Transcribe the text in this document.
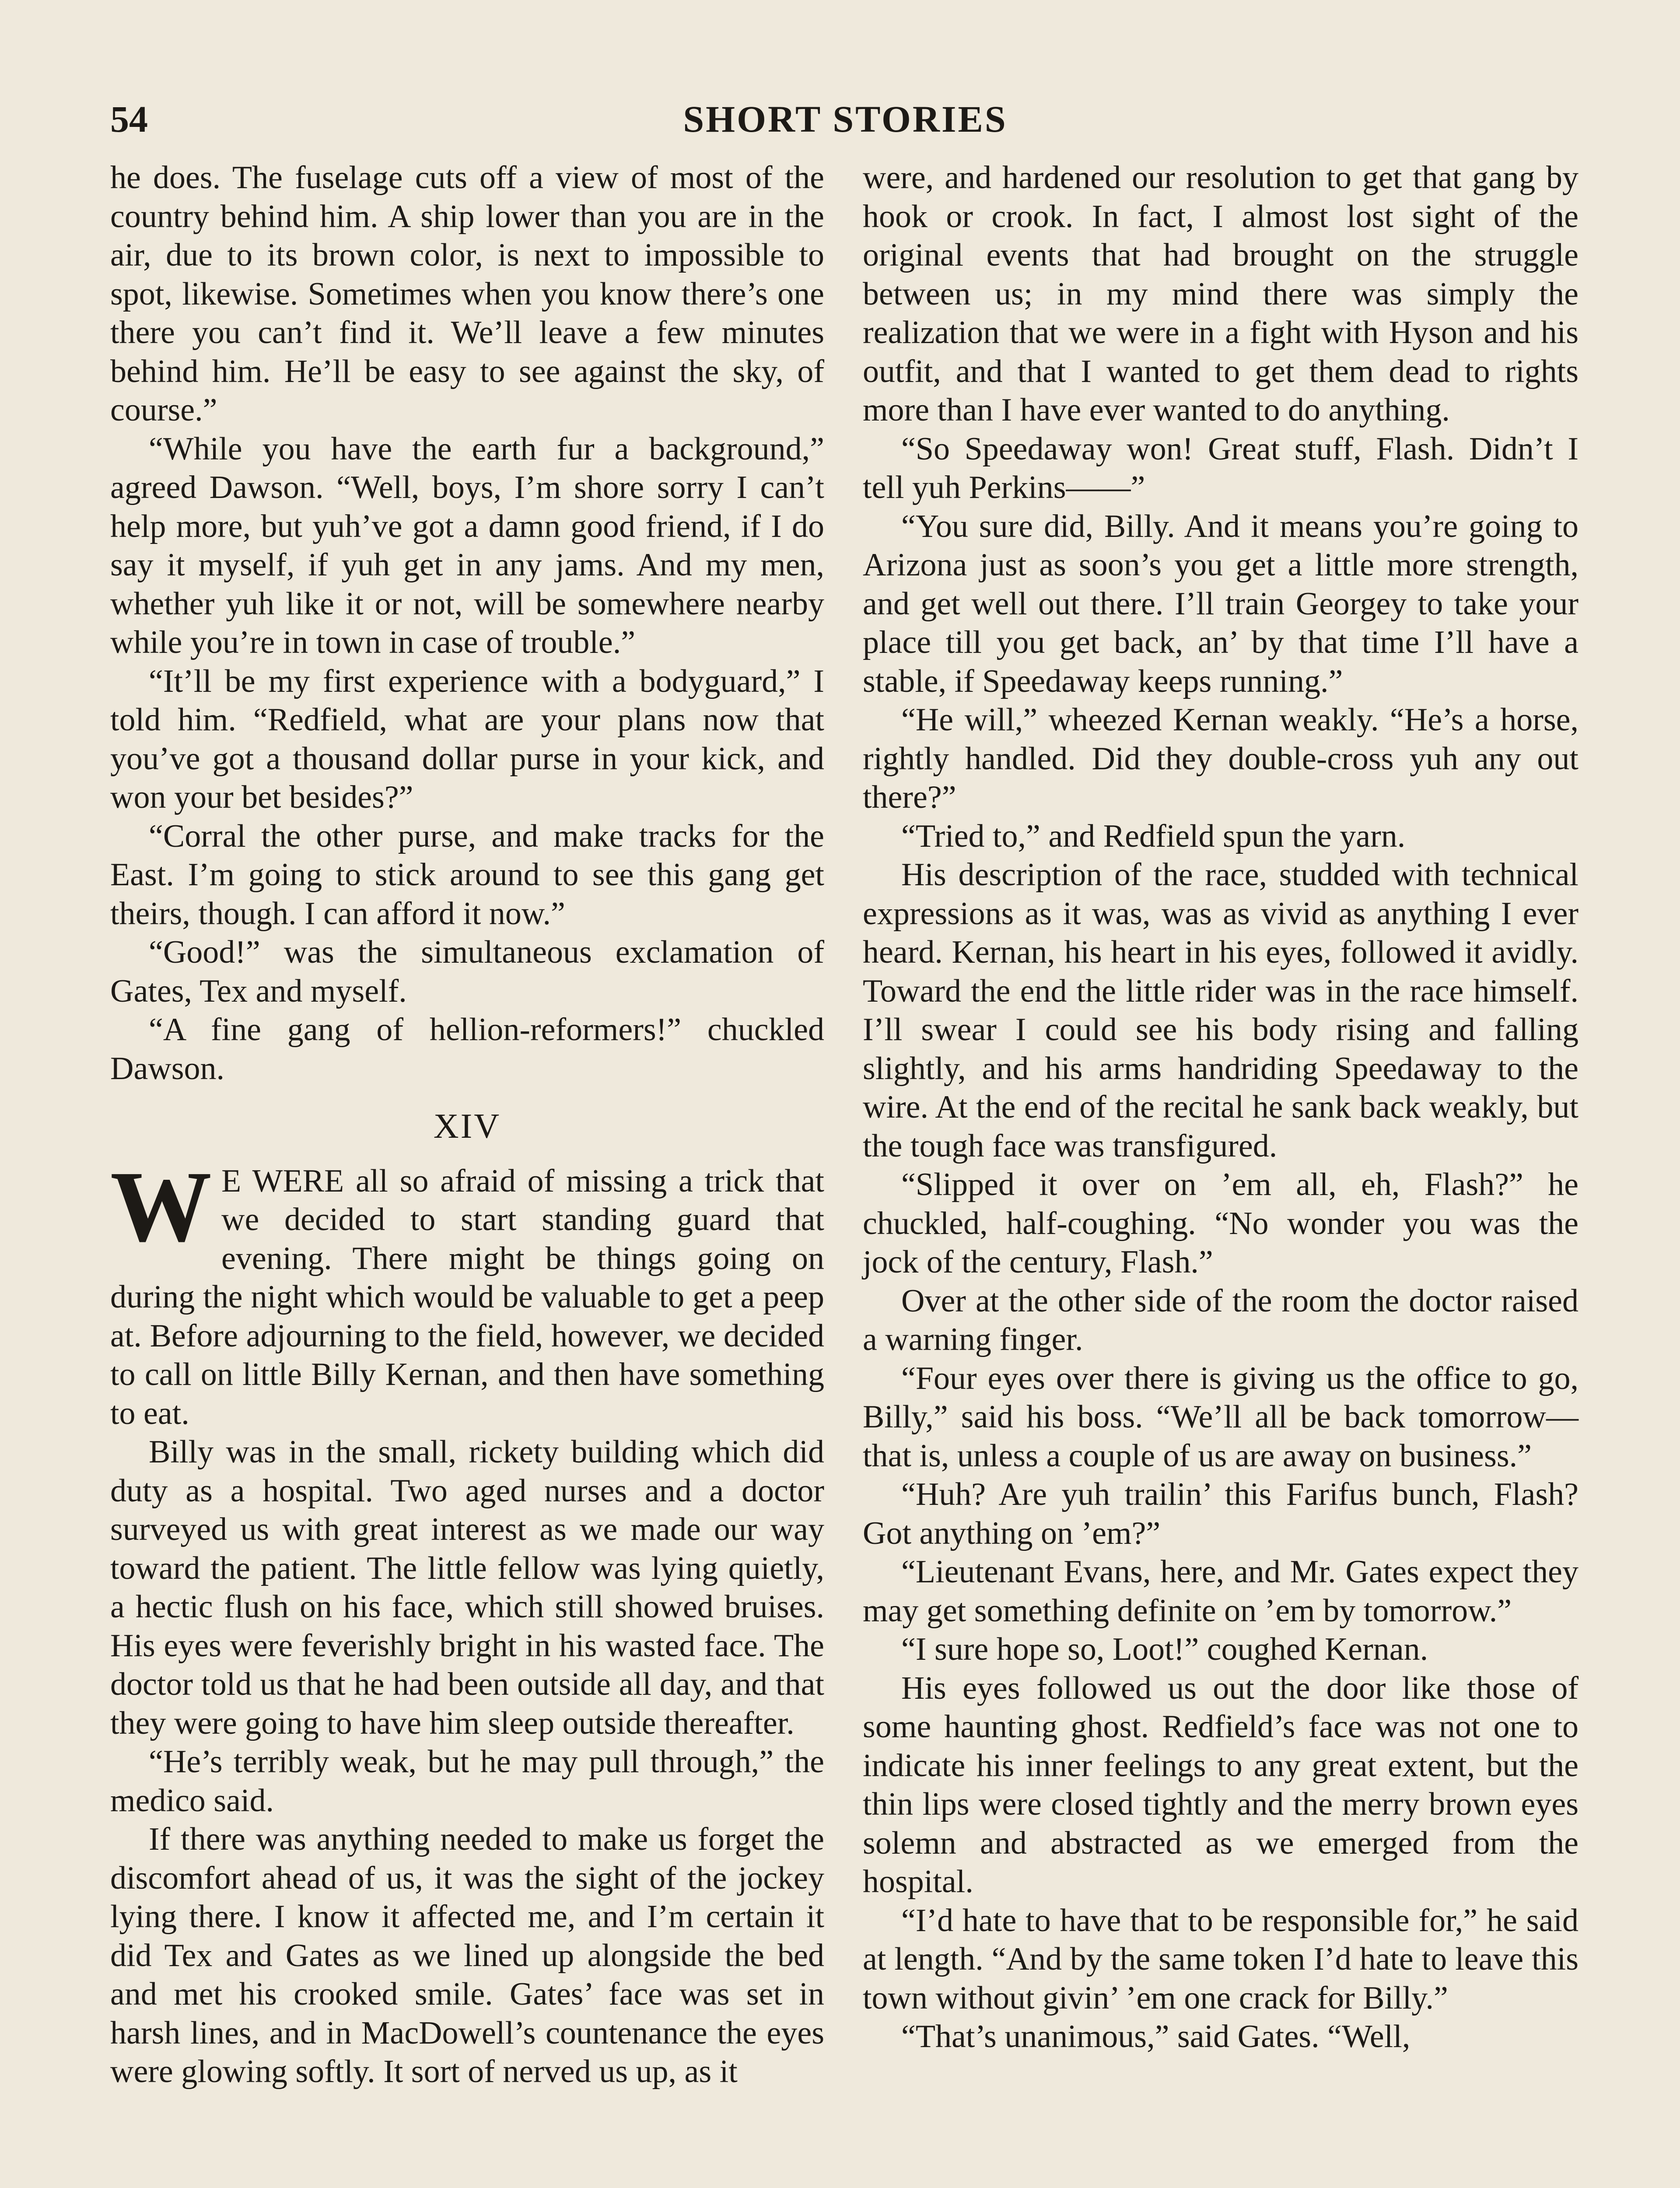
54	SHORT STORIES

he does. The fuselage cuts off a view of most of the country behind him. A ship lower than you are in the air, due to its brown color, is next to impossible to spot, likewise. Sometimes when you know there’s one there you can’t find it. We’ll leave a few minutes behind him. He’ll be easy to see against the sky, of course.”

“While you have the earth fur a background,” agreed Dawson. “Well, boys, I’m shore sorry I can’t help more, but yuh’ve got a damn good friend, if I do say it myself, if yuh get in any jams. And my men, whether yuh like it or not, will be somewhere nearby while you’re in town in case of trouble.”

“It’ll be my first experience with a bodyguard,” I told him. “Redfield, what are your plans now that you’ve got a thousand dollar purse in your kick, and won your bet besides?”

“Corral the other purse, and make tracks for the East. I’m going to stick around to see this gang get theirs, though. I can afford it now.”

“Good!” was the simultaneous exclamation of Gates, Tex and myself.

“A fine gang of hellion-reformers!” chuckled Dawson.

XIV

W E WERE all so afraid of missing a trick that we decided to start standing guard that evening. There might be things going on during the night which would be valuable to get a peep at. Before adjourning to the field, however, we decided to call on little Billy Kernan, and then have something to eat.

Billy was in the small, rickety building which did duty as a hospital. Two aged nurses and a doctor surveyed us with great interest as we made our way toward the patient. The little fellow was lying quietly, a hectic flush on his face, which still showed bruises. His eyes were feverishly bright in his wasted face. The doctor told us that he had been outside all day, and that they were going to have him sleep outside thereafter.

“He’s terribly weak, but he may pull through,” the medico said.

If there was anything needed to make us forget the discomfort ahead of us, it was the sight of the jockey lying there. I know it affected me, and I’m certain it did Tex and Gates as we lined up alongside the bed and met his crooked smile. Gates’ face was set in harsh lines, and in MacDowell’s countenance the eyes were glowing softly. It sort of nerved us up, as it

were, and hardened our resolution to get that gang by hook or crook. In fact, I almost lost sight of the original events that had brought on the struggle between us; in my mind there was simply the realization that we were in a fight with Hyson and his outfit, and that I wanted to get them dead to rights more than I have ever wanted to do anything.

“So Speedaway won! Great stuff, Flash. Didn’t I tell yuh Perkins——”

“You sure did, Billy. And it means you’re going to Arizona just as soon’s you get a little more strength, and get well out there. I’ll train Georgey to take your place till you get back, an’ by that time I’ll have a stable, if Speedaway keeps running.”

“He will,” wheezed Kernan weakly. “He’s a horse, rightly handled. Did they double-cross yuh any out there?”

“Tried to,” and Redfield spun the yarn.

His description of the race, studded with technical expressions as it was, was as vivid as anything I ever heard. Kernan, his heart in his eyes, followed it avidly. Toward the end the little rider was in the race himself. I’ll swear I could see his body rising and falling slightly, and his arms handriding Speedaway to the wire. At the end of the recital he sank back weakly, but the tough face was transfigured.

“Slipped it over on ’em all, eh, Flash?” he chuckled, half-coughing. “No wonder you was the jock of the century, Flash.”

Over at the other side of the room the doctor raised a warning finger.

“Four eyes over there is giving us the office to go, Billy,” said his boss. “We’ll all be back tomorrow—that is, unless a couple of us are away on business.”

“Huh? Are yuh trailin’ this Farifus bunch, Flash? Got anything on ’em?”

“Lieutenant Evans, here, and Mr. Gates expect they may get something definite on ’em by tomorrow.”

“I sure hope so, Loot!” coughed Kernan.

His eyes followed us out the door like those of some haunting ghost. Redfield’s face was not one to indicate his inner feelings to any great extent, but the thin lips were closed tightly and the merry brown eyes solemn and abstracted as we emerged from the hospital.

“I’d hate to have that to be responsible for,” he said at length. “And by the same token I’d hate to leave this town without givin’ ’em one crack for Billy.”

“That’s unanimous,” said Gates. “Well,
